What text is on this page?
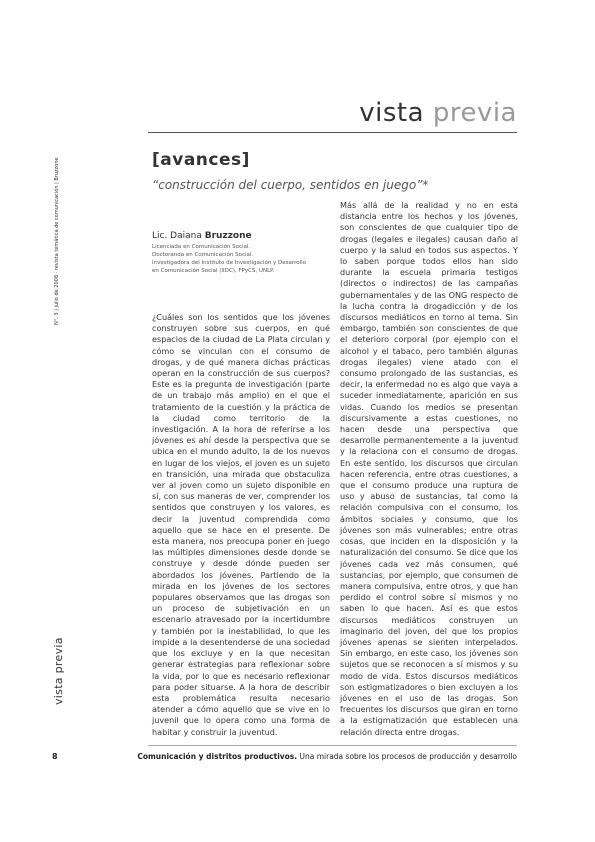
N°. 3 | julio de 2008 · revista temática de comunicación | Bruzzone
vista previa
vista previa
[avances]
“construcción del cuerpo, sentidos en juego”*
Lic. Daiana Bruzzone
Licenciada en Comunicación Social.
Doctoranda en Comunicación Social.
Investigadora del Instituto de Investigación y Desarrollo
en Comunicación Social (IIDC), FPyCS, UNLP.

¿Cuáles son los sentidos que los jóvenes construyen sobre sus cuerpos, en qué espacios de la ciudad de La Plata circulan y cómo se vinculan con el consumo de drogas, y de qué manera dichas prácticas operan en la construcción de sus cuerpos? Este es la pregunta de investigación (parte de un trabajo más amplio) en el que el tratamiento de la cuestión y la práctica de la ciudad como territorio de la investigación. A la hora de referirse a los jóvenes es ahí desde la perspectiva que se ubica en el mundo adulto, la de los nuevos en lugar de los viejos, el joven es un sujeto en transición, una mirada que obstaculiza ver al joven como un sujeto disponible en sí, con sus maneras de ver, comprender los sentidos que construyen y los valores, es decir la juventud comprendida como aquello que se hace en el presente. De esta manera, nos preocupa poner en juego las múltiples dimensiones desde donde se construye y desde dónde pueden ser abordados los jóvenes. Partiendo de la mirada en los jóvenes de los sectores populares observamos que las drogas son un proceso de subjetivación en un escenario atravesado por la incertidumbre y también por la inestabilidad, lo que les impide a la desentenderse de una sociedad que los excluye y en la que necesitan generar estrategias para reflexionar sobre la vida, por lo que es necesario reflexionar para poder situarse. A la hora de describir esta problemática resulta necesario atender a cómo aquello que se vive en lo juvenil que lo opera como una forma de habitar y construir la juventud.

Más allá de la realidad y no en esta distancia entre los hechos y los jóvenes, son conscientes de que cualquier tipo de drogas (legales e ilegales) causan daño al cuerpo y la salud en todos sus aspectos. Y lo saben porque todos ellos han sido durante la escuela primaria testigos (directos o indirectos) de las campañas gubernamentales y de las ONG respecto de la lucha contra la drogadicción y de los discursos mediáticos en torno al tema. Sin embargo, también son conscientes de que el deterioro corporal (por ejemplo con el alcohol y el tabaco, pero también algunas drogas ilegales) viene atado con el consumo prolongado de las sustancias, es decir, la enfermedad no es algo que vaya a suceder inmediatamente, aparición en sus vidas. Cuando los medios se presentan discursivamente a estas cuestiones, no hacen desde una perspectiva que desarrolle permanentemente a la juventud y la relaciona con el consumo de drogas. En este sentido, los discursos que circulan hacen referencia, entre otras cuestiones, a que el consumo produce una ruptura de uso y abuso de sustancias, tal como la relación compulsiva con el consumo, los ámbitos sociales y consumo, que los jóvenes son más vulnerables; entre otras cosas, que inciden en la disposición y la naturalización del consumo. Se dice que los jóvenes cada vez más consumen, qué sustancias, por ejemplo, que consumen de manera compulsiva, entre otros, y que han perdido el control sobre sí mismos y no saben lo que hacen. Así es que estos discursos mediáticos construyen un imaginario del joven, del que los propios jóvenes apenas se sienten interpelados. Sin embargo, en este caso, los jóvenes son sujetos que se reconocen a sí mismos y su modo de vida. Estos discursos mediáticos son estigmatizadores o bien excluyen a los jóvenes en el uso de las drogas. Son frecuentes los discursos que giran en torno a la estigmatización que establecen una relación directa entre drogas.

8	Comunicación y distritos productivos. Una mirada sobre los procesos de producción y desarrollo
